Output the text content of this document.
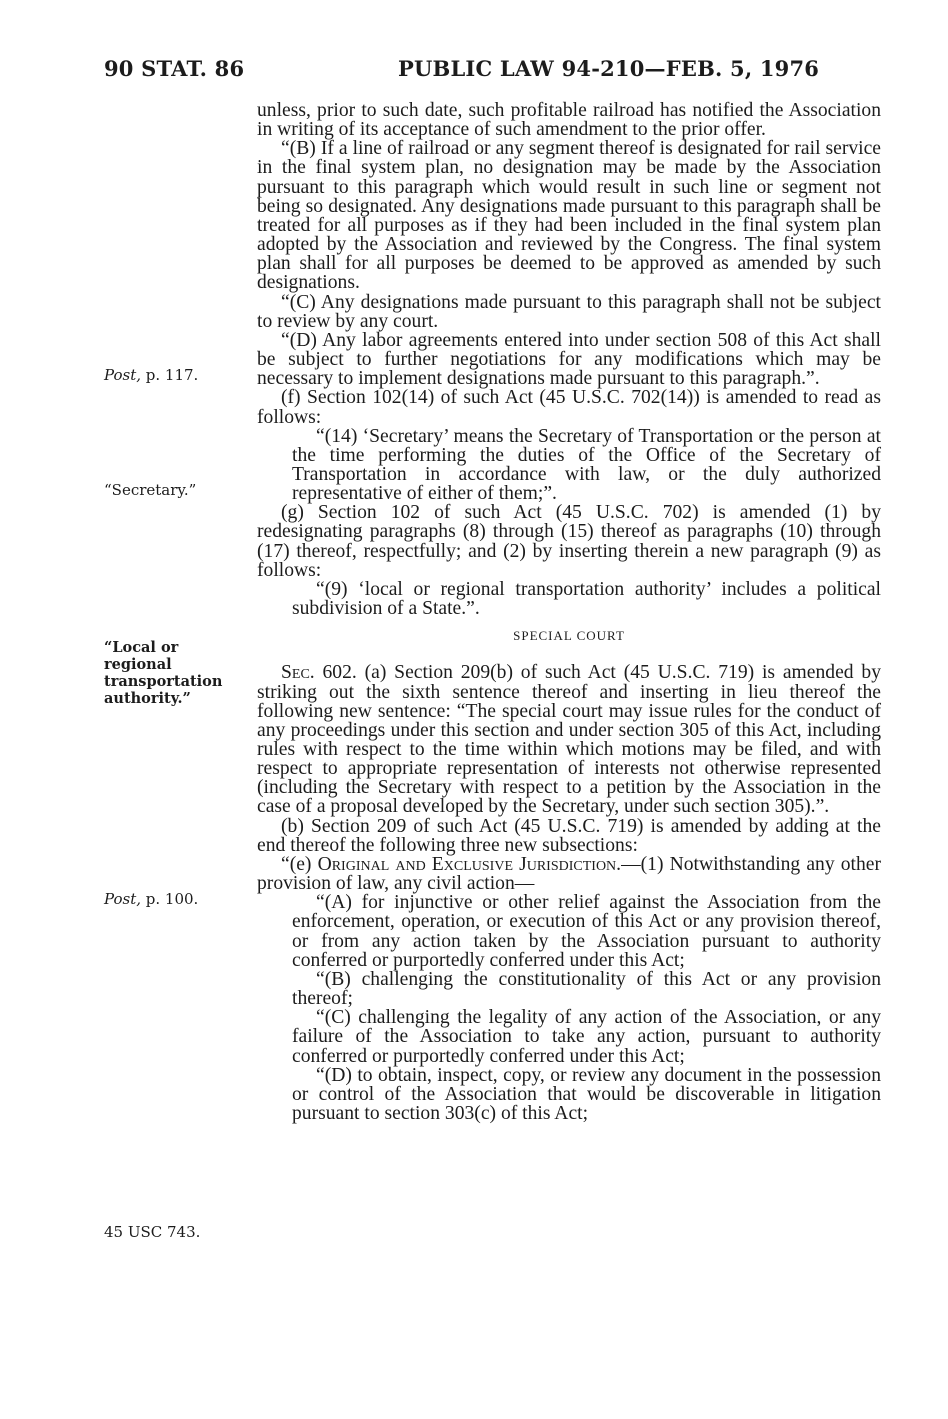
90 STAT. 86	PUBLIC LAW 94-210—FEB. 5, 1976
Post, p. 117.
“Secretary.”
“Local or
regional
transportation
authority.”
Post, p. 100.
45 USC 743.

unless, prior to such date, such profitable railroad has notified the Association in writing of its acceptance of such amendment to the prior offer.

“(B) If a line of railroad or any segment thereof is designated for rail service in the final system plan, no designation may be made by the Association pursuant to this paragraph which would result in such line or segment not being so designated. Any designations made pursuant to this paragraph shall be treated for all purposes as if they had been included in the final system plan adopted by the Association and reviewed by the Congress. The final system plan shall for all purposes be deemed to be approved as amended by such designations.

“(C) Any designations made pursuant to this paragraph shall not be subject to review by any court.

“(D) Any labor agreements entered into under section 508 of this Act shall be subject to further negotiations for any modifications which may be necessary to implement designations made pursuant to this paragraph.”.

(f) Section 102(14) of such Act (45 U.S.C. 702(14)) is amended to read as follows:

“(14) ‘Secretary’ means the Secretary of Transportation or the person at the time performing the duties of the Office of the Secretary of Transportation in accordance with law, or the duly authorized representative of either of them;”.

(g) Section 102 of such Act (45 U.S.C. 702) is amended (1) by redesignating paragraphs (8) through (15) thereof as paragraphs (10) through (17) thereof, respectfully; and (2) by inserting therein a new paragraph (9) as follows:

“(9) ‘local or regional transportation authority’ includes a political subdivision of a State.”.

SPECIAL COURT

Sec. 602. (a) Section 209(b) of such Act (45 U.S.C. 719) is amended by striking out the sixth sentence thereof and inserting in lieu thereof the following new sentence: “The special court may issue rules for the conduct of any proceedings under this section and under section 305 of this Act, including rules with respect to the time within which motions may be filed, and with respect to appropriate representation of interests not otherwise represented (including the Secretary with respect to a petition by the Association in the case of a proposal developed by the Secretary, under such section 305).”.

(b) Section 209 of such Act (45 U.S.C. 719) is amended by adding at the end thereof the following three new subsections:

“(e) Original and Exclusive Jurisdiction.—(1) Notwithstanding any other provision of law, any civil action—

“(A) for injunctive or other relief against the Association from the enforcement, operation, or execution of this Act or any provision thereof, or from any action taken by the Association pursuant to authority conferred or purportedly conferred under this Act;

“(B) challenging the constitutionality of this Act or any provision thereof;

“(C) challenging the legality of any action of the Association, or any failure of the Association to take any action, pursuant to authority conferred or purportedly conferred under this Act;

“(D) to obtain, inspect, copy, or review any document in the possession or control of the Association that would be discoverable in litigation pursuant to section 303(c) of this Act;
